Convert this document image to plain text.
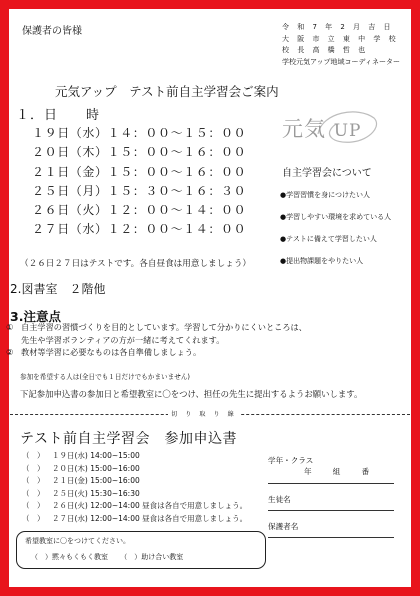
保護者の皆様	令 和 7 年 2 月 吉 日
大 阪 市 立 東 中 学 校
校 長 高 橋 哲 也
学校元気アップ地域コーディネーター
元気アップ　テスト前自主学習会ご案内
１．日　　時
１９日（水）１４：００～１５：００
２０日（木）１５：００～１６：００
２１日（金）１５：００～１６：００
２５日（月）１５：３０～１６：３０
２６日（火）１２：００～１４：００
２７日（水）１２：００～１４：００
元気 UP
自主学習会について
●学習習慣を身につけたい人
●学習しやすい環境を求めている人
●テストに備えて学習したい人
●提出物課題をやりたい人
（２６日２７日はテストです。各自昼食は用意しましょう）
2.図書室　２階他
3.注意点
① 自主学習の習慣づくりを目的としています。学習して分かりにくいところは、
先生や学習ボランティアの方が一緒に考えてくれます。
② 教材等学習に必要なものは各自準備しましょう。
参加を希望する人は(全日でも１日だけでもかまいません)
下記参加申込書の参加日と希望教室に〇をつけ、担任の先生に提出するようお願いします。
切 り 取 り 線
テスト前自主学習会　参加申込書
（　） １９日(水) 14:00~15:00
（　） ２０日(木) 15:00~16:00
（　） ２１日(金) 15:00~16:00
（　） ２５日(火) 15:30~16:30
（　） ２６日(火) 12:00~14:00 昼食は各自で用意しましょう。
（　） ２７日(水) 12:00~14:00 昼食は各自で用意しましょう。
学年・クラス
年　　組　　番
生徒名
保護者名
希望教室に〇をつけてください。
（　）黙々もくもく教室 （　）助け合い教室
